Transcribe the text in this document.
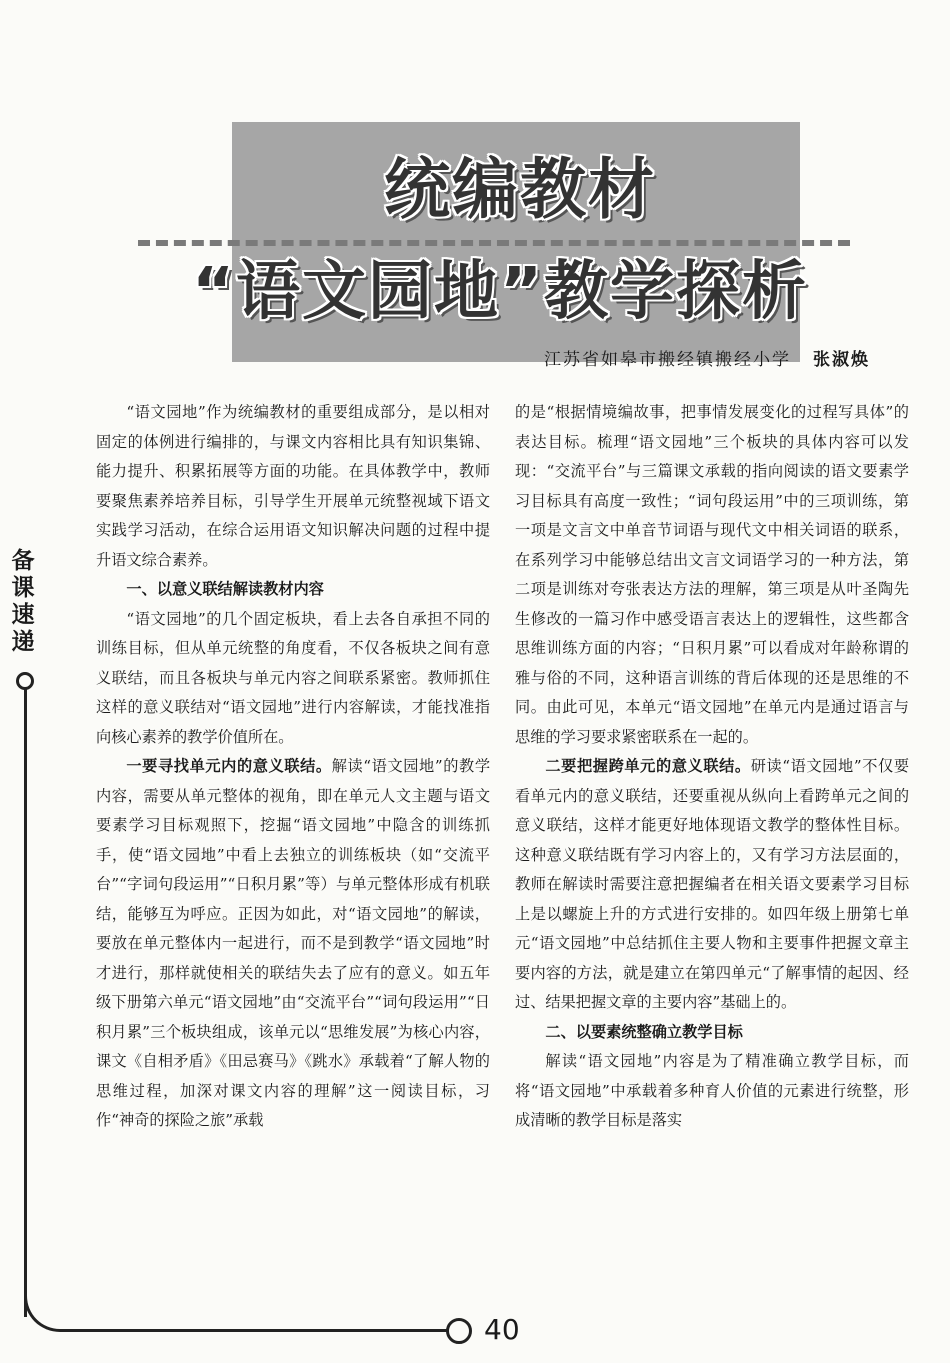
统编教材
“语文园地”教学探析
江苏省如皋市搬经镇搬经小学 张淑焕

“语文园地”作为统编教材的重要组成部分，是以相对固定的体例进行编排的，与课文内容相比具有知识集锦、能力提升、积累拓展等方面的功能。在具体教学中，教师要聚焦素养培养目标，引导学生开展单元统整视域下语文实践学习活动，在综合运用语文知识解决问题的过程中提升语文综合素养。

一、以意义联结解读教材内容

“语文园地”的几个固定板块，看上去各自承担不同的训练目标，但从单元统整的角度看，不仅各板块之间有意义联结，而且各板块与单元内容之间联系紧密。教师抓住这样的意义联结对“语文园地”进行内容解读，才能找准指向核心素养的教学价值所在。

一要寻找单元内的意义联结。解读“语文园地”的教学内容，需要从单元整体的视角，即在单元人文主题与语文要素学习目标观照下，挖掘“语文园地”中隐含的训练抓手，使“语文园地”中看上去独立的训练板块（如“交流平台”“字词句段运用”“日积月累”等）与单元整体形成有机联结，能够互为呼应。正因为如此，对“语文园地”的解读，要放在单元整体内一起进行，而不是到教学“语文园地”时才进行，那样就使相关的联结失去了应有的意义。如五年级下册第六单元“语文园地”由“交流平台”“词句段运用”“日积月累”三个板块组成，该单元以“思维发展”为核心内容，课文《自相矛盾》《田忌赛马》《跳水》承载着“了解人物的思维过程，加深对课文内容的理解”这一阅读目标，习作“神奇的探险之旅”承载

的是“根据情境编故事，把事情发展变化的过程写具体”的表达目标。梳理“语文园地”三个板块的具体内容可以发现：“交流平台”与三篇课文承载的指向阅读的语文要素学习目标具有高度一致性；“词句段运用”中的三项训练，第一项是文言文中单音节词语与现代文中相关词语的联系，在系列学习中能够总结出文言文词语学习的一种方法，第二项是训练对夸张表达方法的理解，第三项是从叶圣陶先生修改的一篇习作中感受语言表达上的逻辑性，这些都含思维训练方面的内容；“日积月累”可以看成对年龄称谓的雅与俗的不同，这种语言训练的背后体现的还是思维的不同。由此可见，本单元“语文园地”在单元内是通过语言与思维的学习要求紧密联系在一起的。

二要把握跨单元的意义联结。研读“语文园地”不仅要看单元内的意义联结，还要重视从纵向上看跨单元之间的意义联结，这样才能更好地体现语文教学的整体性目标。这种意义联结既有学习内容上的，又有学习方法层面的，教师在解读时需要注意把握编者在相关语文要素学习目标上是以螺旋上升的方式进行安排的。如四年级上册第七单元“语文园地”中总结抓住主要人物和主要事件把握文章主要内容的方法，就是建立在第四单元“了解事情的起因、经过、结果把握文章的主要内容”基础上的。

二、以要素统整确立教学目标

解读“语文园地”内容是为了精准确立教学目标，而将“语文园地”中承载着多种育人价值的元素进行统整，形成清晰的教学目标是落实

备课速递
40
